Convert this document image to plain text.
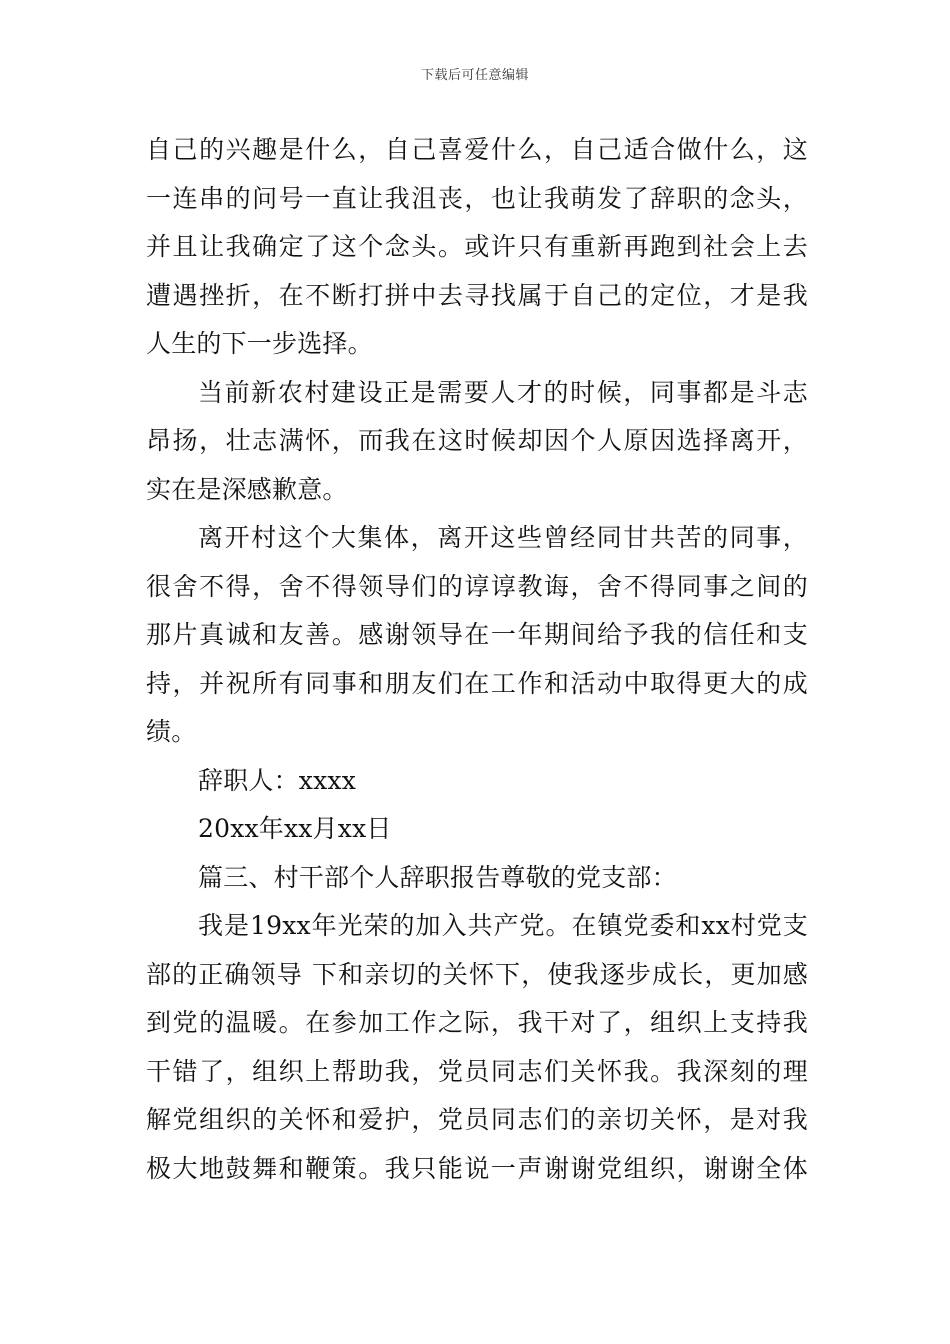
下载后可任意编辑
自己的兴趣是什么，自己喜爱什么，自己适合做什么，这
一连串的问号一直让我沮丧，也让我萌发了辞职的念头，
并且让我确定了这个念头。或许只有重新再跑到社会上去
遭遇挫折，在不断打拼中去寻找属于自己的定位，才是我
人生的下一步选择。
当前新农村建设正是需要人才的时候，同事都是斗志
昂扬，壮志满怀，而我在这时候却因个人原因选择离开，
实在是深感歉意。
离开村这个大集体，离开这些曾经同甘共苦的同事，
很舍不得，舍不得领导们的谆谆教诲，舍不得同事之间的
那片真诚和友善。感谢领导在一年期间给予我的信任和支
持，并祝所有同事和朋友们在工作和活动中取得更大的成
绩。
辞职人：xxxx
20xx年xx月xx日
篇三、村干部个人辞职报告尊敬的党支部：
我是19xx年光荣的加入共产党。在镇党委和xx村党支
部的正确领导 下和亲切的关怀下，使我逐步成长，更加感
到党的温暖。在参加工作之际，我干对了，组织上支持我
干错了，组织上帮助我，党员同志们关怀我。我深刻的理
解党组织的关怀和爱护，党员同志们的亲切关怀，是对我
极大地鼓舞和鞭策。我只能说一声谢谢党组织，谢谢全体
